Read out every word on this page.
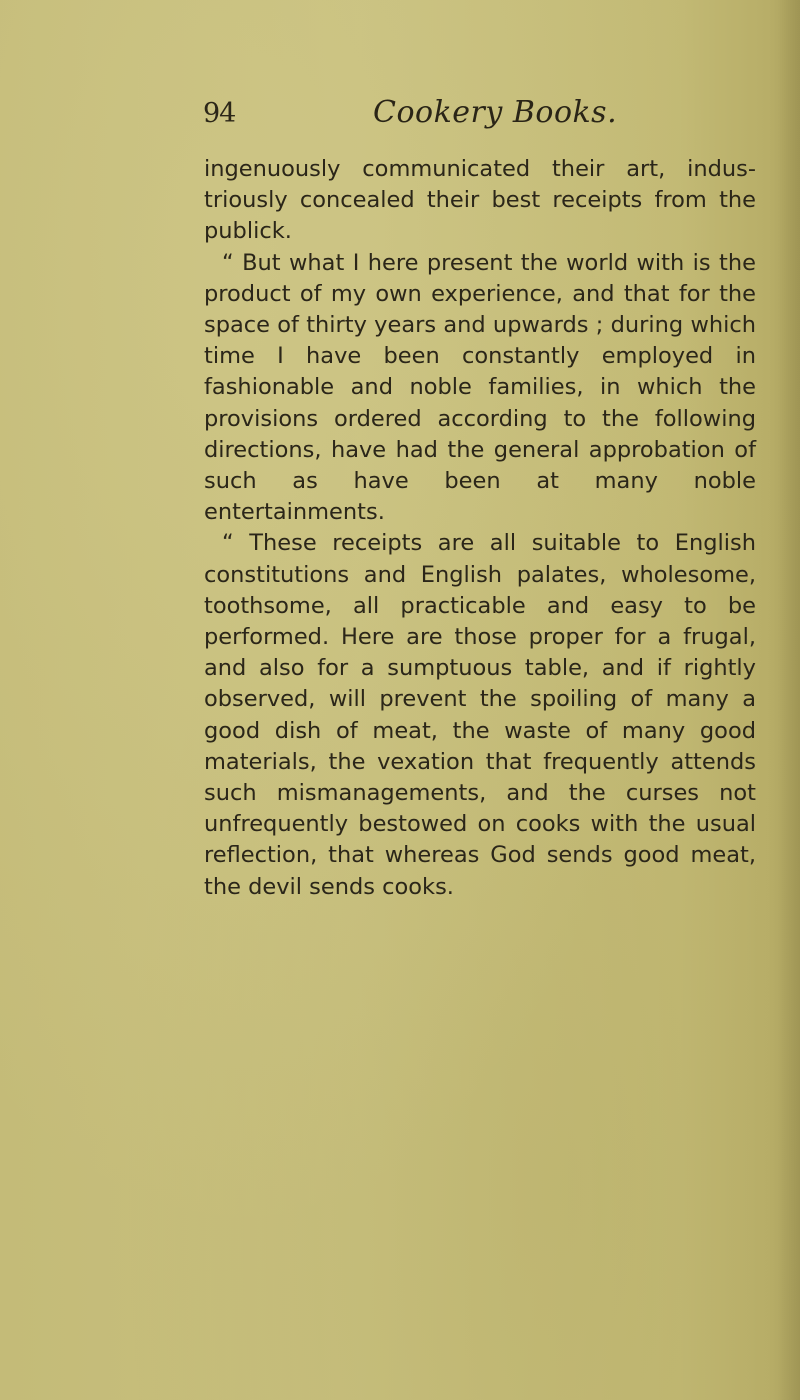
94	Cookery Books.

ingenuously communicated their art, industriously concealed their best receipts from the publick.

“ But what I here present the world with is the product of my own experience, and that for the space of thirty years and upwards ; during which time I have been constantly employed in fashionable and noble families, in which the provisions ordered according to the following directions, have had the general approbation of such as have been at many noble entertainments.

“ These receipts are all suitable to English constitutions and English palates, wholesome, toothsome, all practicable and easy to be performed. Here are those proper for a frugal, and also for a sumptuous table, and if rightly observed, will prevent the spoiling of many a good dish of meat, the waste of many good materials, the vexation that frequently attends such mismanagements, and the curses not unfrequently bestowed on cooks with the usual reflection, that whereas God sends good meat, the devil sends cooks.
